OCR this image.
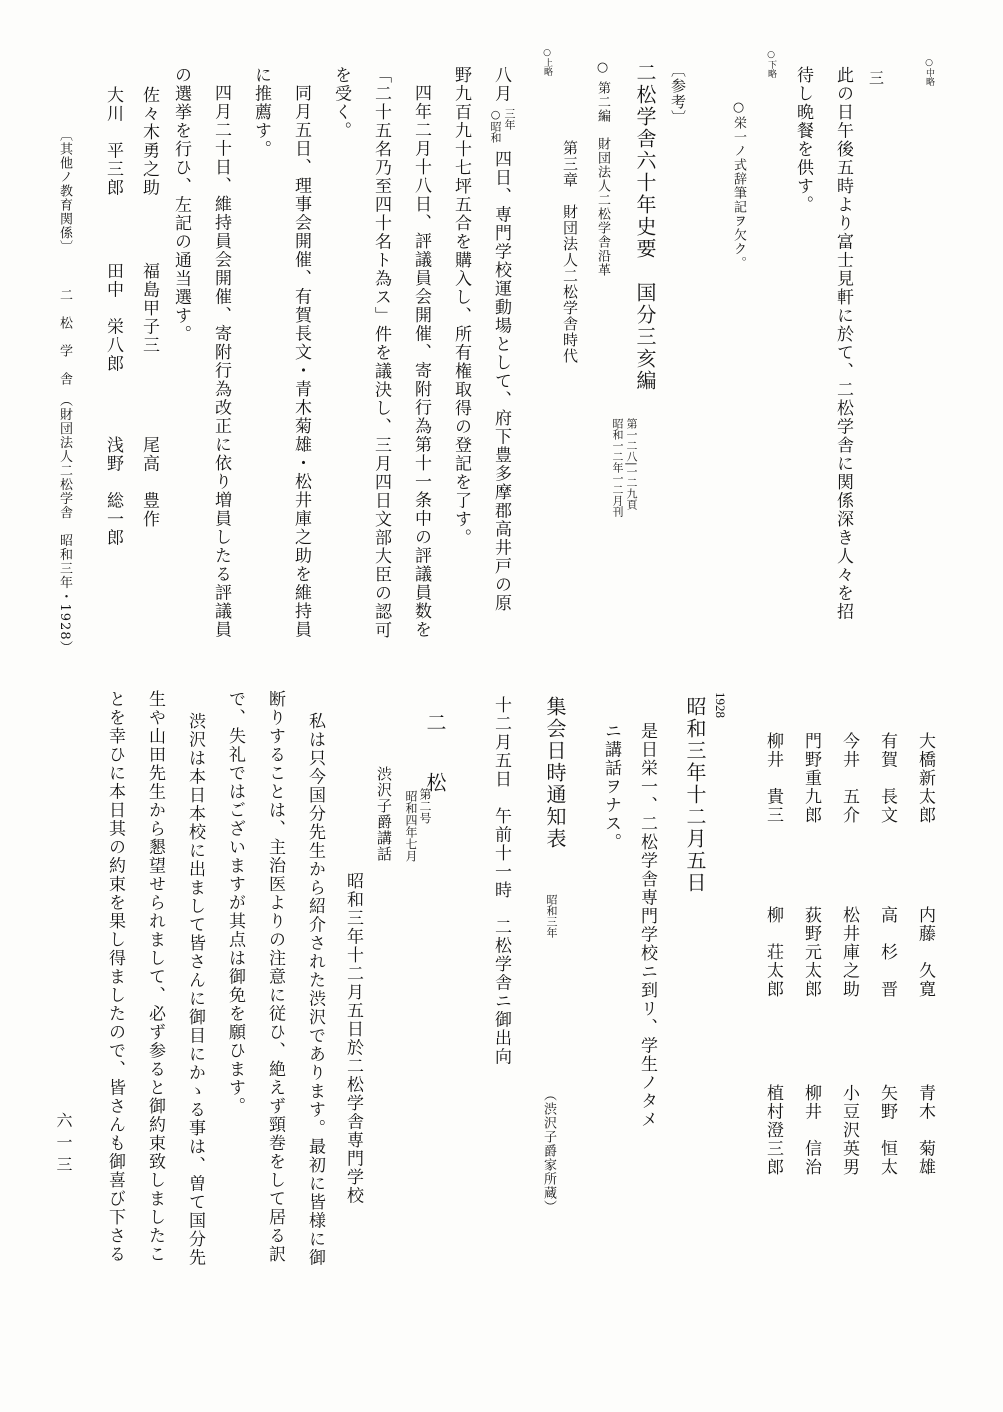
○中略
三
此の日午後五時より富士見軒に於て、二松学舎に関係深き人々を招
待し晩餐を供す。
○下略
○栄一ノ式辞筆記ヲ欠ク。
〔参考〕
二松学舎六十年史要　国分三亥編
第一二八|一二九頁
昭和一二年一二月刊
○ 第二編　財団法人二松学舎沿革
○上略
第三章　財団法人二松学舎時代
八月
○昭和 三年
四日、専門学校運動場として、府下豊多摩郡高井戸の原
野九百九十七坪五合を購入し、所有権取得の登記を了す。
四年二月十八日、評議員会開催、寄附行為第十一条中の評議員数を
「二十五名乃至四十名ト為ス」件を議決し、三月四日文部大臣の認可
を受く。
同月五日、理事会開催、有賀長文・青木菊雄・松井庫之助を維持員
に推薦す。
四月二十日、維持員会開催、寄附行為改正に依り増員したる評議員
の選挙を行ひ、左記の通当選す。
佐々木勇之助
福島甲子三
尾高　豊作
大川　平三郎
田中　栄八郎
浅野　総一郎
〔其他ノ教育関係〕
二　松　学　舎　（財団法人二松学舎　昭和三年・1928）
大橋新太郎
内藤　久寛
青木　菊雄
有賀　長文
高　杉　晋
矢野　恒太
今井　五介
松井庫之助
小豆沢英男
門野重九郎
荻野元太郎
柳井　信治
柳井　貴三
柳　荘太郎
植村澄三郎
1928
昭和三年十二月五日
是日栄一、二松学舎専門学校ニ到リ、学生ノタメ
ニ講話ヲナス。
集会日時通知表
昭和三年
（渋沢子爵家所蔵）
十二月五日　午前十一時　二松学舎ニ御出向
二　松
第二号
昭和四年七月
渋沢子爵講話
昭和三年十二月五日於二松学舎専門学校
私は只今国分先生から紹介された渋沢であります。最初に皆様に御
断りすることは、主治医よりの注意に従ひ、絶えず頸巻をして居る訳
で、失礼ではございますが其点は御免を願ひます。
渋沢は本日本校に出まして皆さんに御目にかゝる事は、曽て国分先
生や山田先生から懇望せられまして、必ず参ると御約束致しましたこ
とを幸ひに本日其の約束を果し得ましたので、皆さんも御喜び下さる
六一三
